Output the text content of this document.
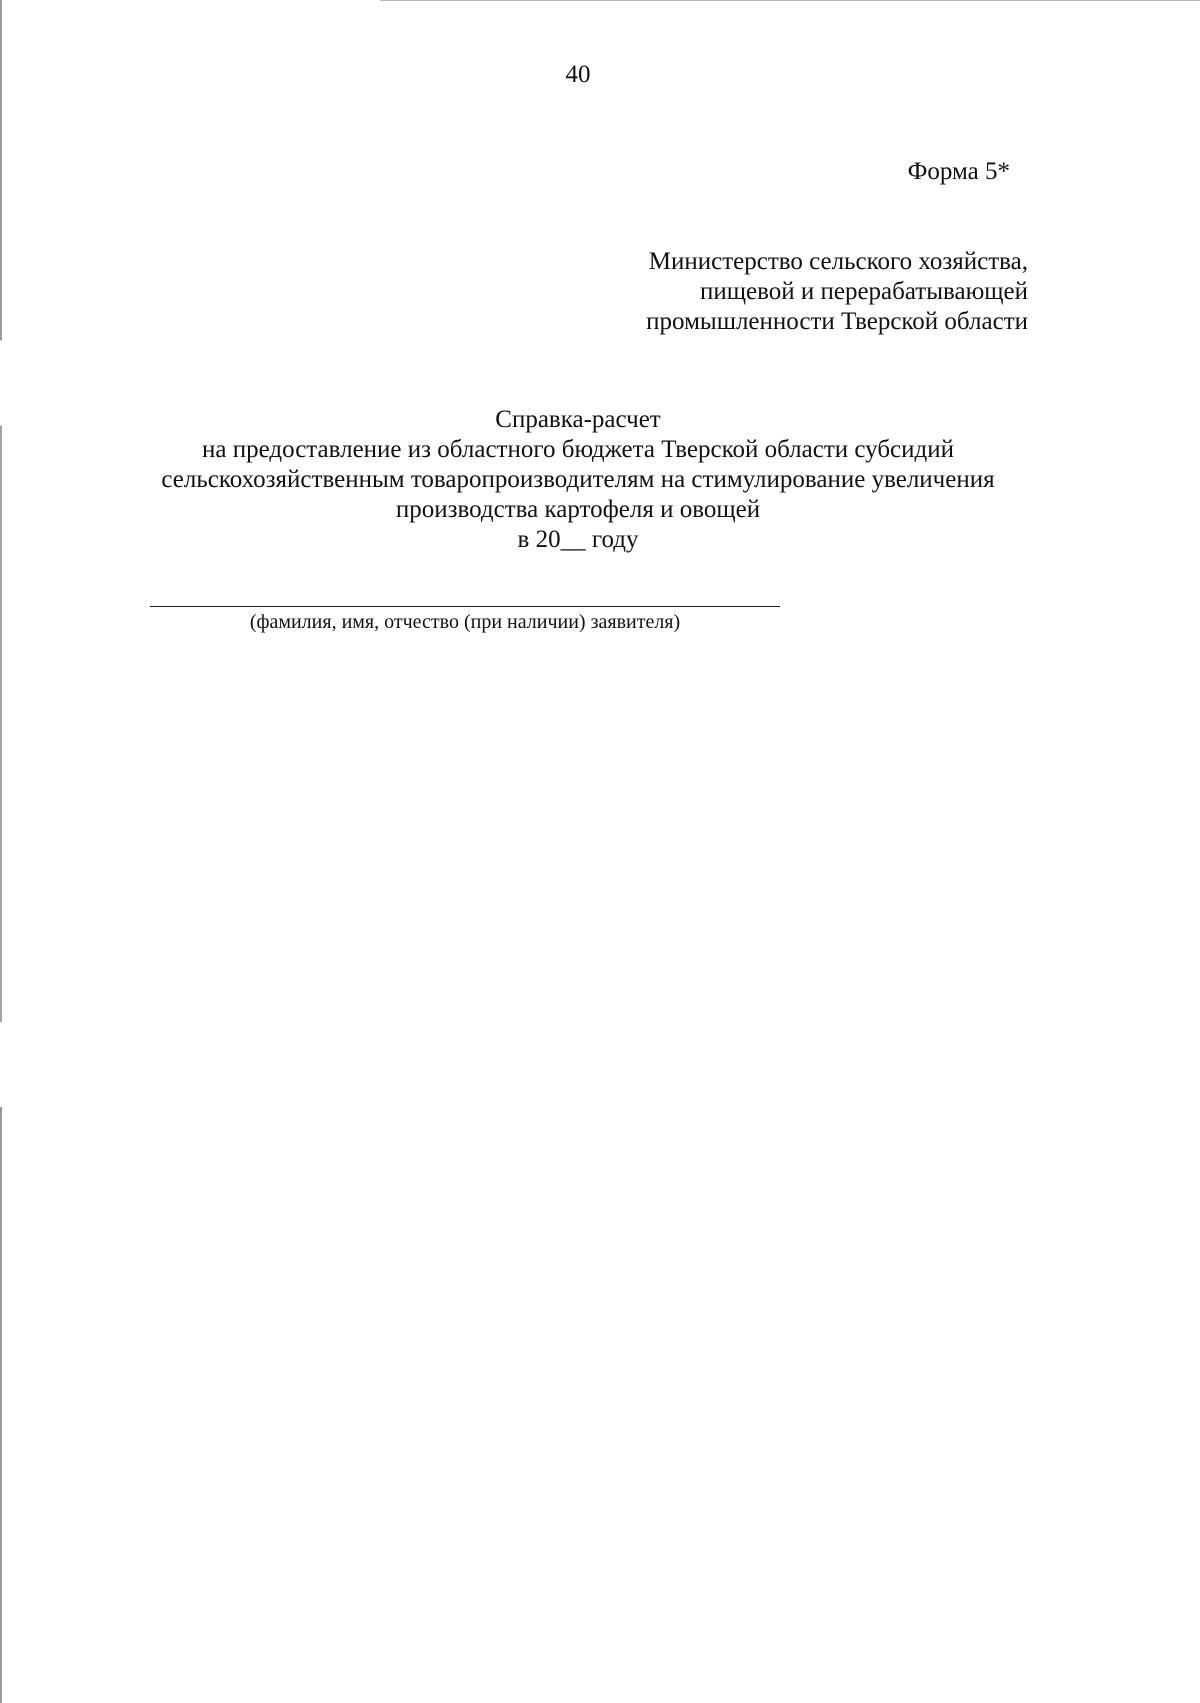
40
Форма 5*
Министерство сельского хозяйства,
пищевой и перерабатывающей
промышленности Тверской области
Справка-расчет
на предоставление из областного бюджета Тверской области субсидий
сельскохозяйственным товаропроизводителям на стимулирование увеличения
производства картофеля и овощей
в 20__ году
(фамилия, имя, отчество (при наличии) заявителя)
